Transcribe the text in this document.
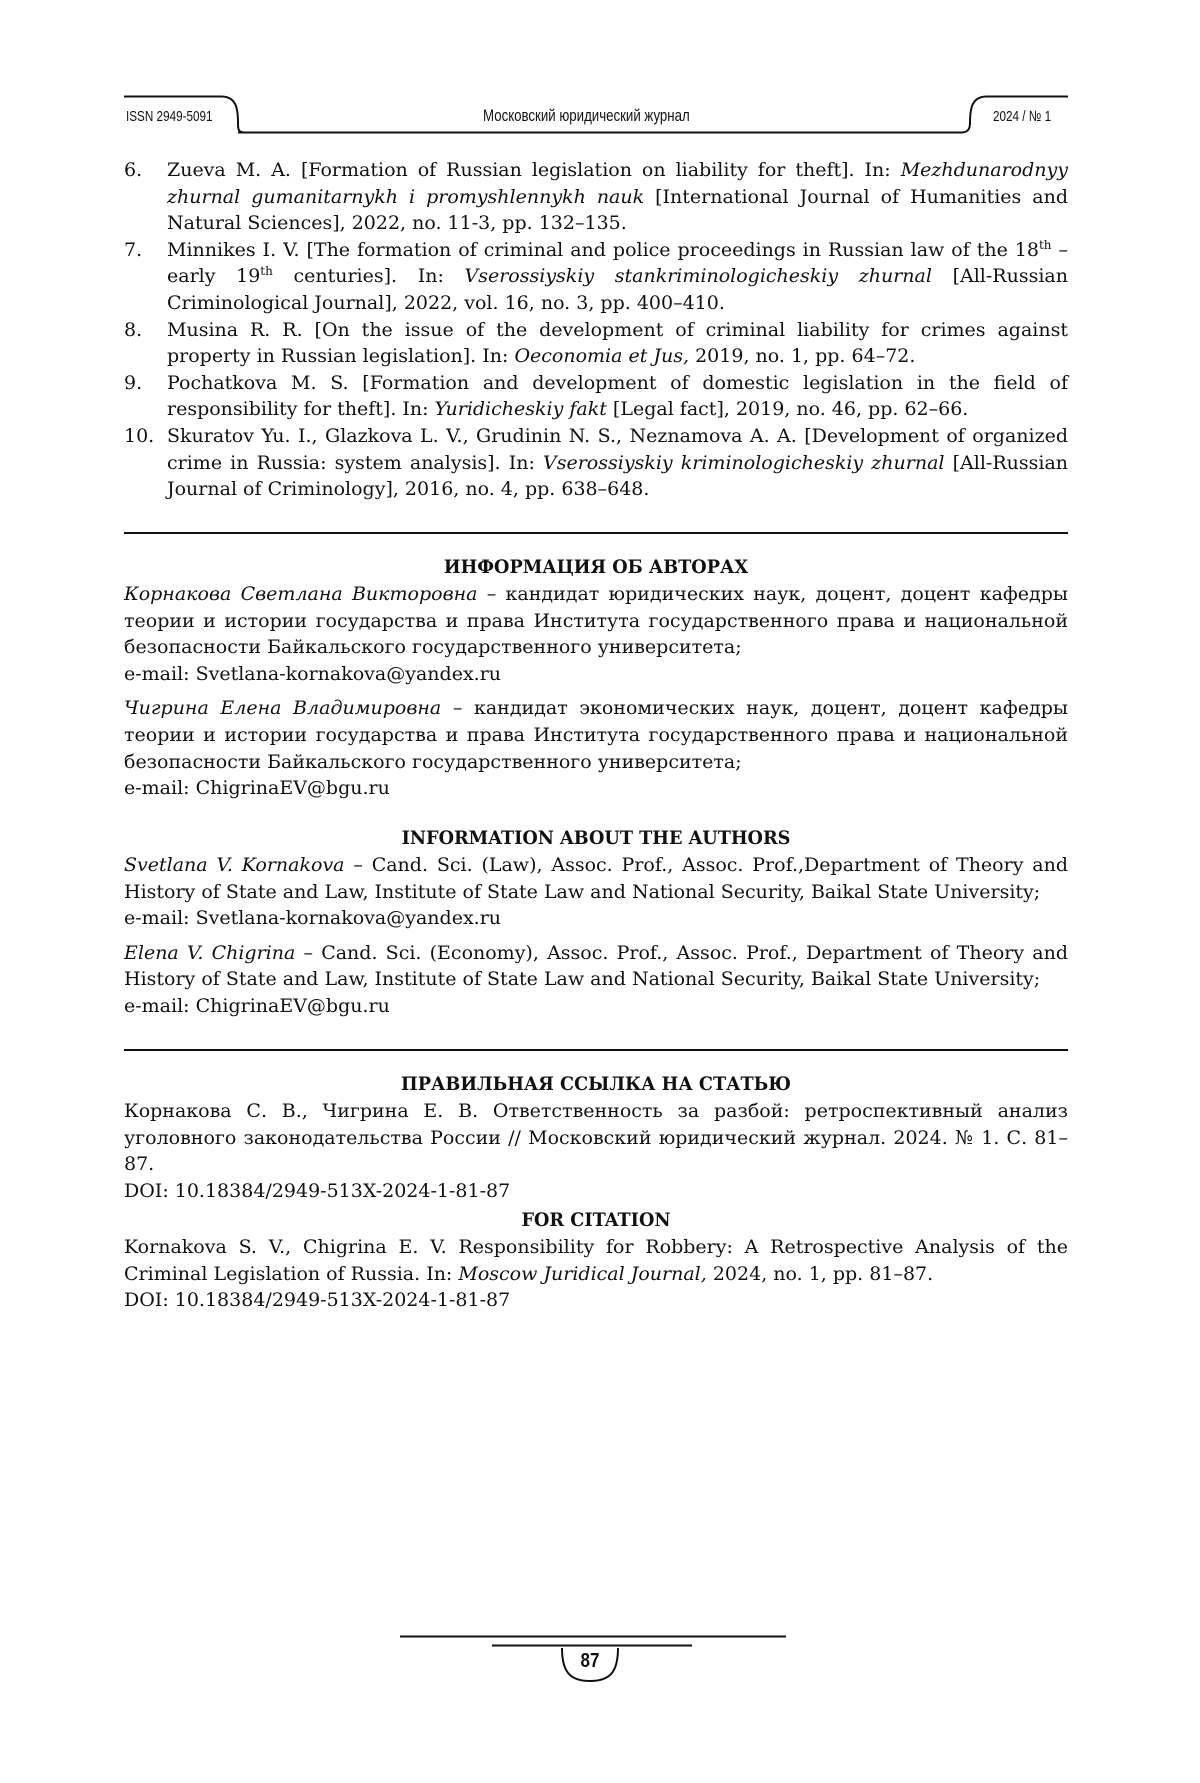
ISSN 2949-5091	Московский юридический журнал	2024 / № 1
6.	Zueva M. A. [Formation of Russian legislation on liability for theft]. In: Mezhdunarodnyy zhurnal gumanitarnykh i promyshlennykh nauk [International Journal of Humanities and Natural Sciences], 2022, no. 11-3, pp. 132–135.
7.	Minnikes I. V. [The formation of criminal and police proceedings in Russian law of the 18th – early 19th centuries]. In: Vserossiyskiy stankriminologicheskiy zhurnal [All-Russian Criminological Journal], 2022, vol. 16, no. 3, pp. 400–410.
8.	Musina R. R. [On the issue of the development of criminal liability for crimes against property in Russian legislation]. In: Oeconomia et Jus, 2019, no. 1, pp. 64–72.
9.	Pochatkova M. S. [Formation and development of domestic legislation in the field of responsibility for theft]. In: Yuridicheskiy fakt [Legal fact], 2019, no. 46, pp. 62–66.
10. Skuratov Yu. I., Glazkova L. V., Grudinin N. S., Neznamova A. A. [Development of organized crime in Russia: system analysis]. In: Vserossiyskiy kriminologicheskiy zhurnal [All-Russian Journal of Criminology], 2016, no. 4, pp. 638–648.
ИНФОРМАЦИЯ ОБ АВТОРАХ

Корнакова Светлана Викторовна – кандидат юридических наук, доцент, доцент кафедры теории и истории государства и права Института государственного права и национальной безопасности Байкальского государственного университета;

e-mail: Svetlana-kornakova@yandex.ru

Чигрина Елена Владимировна – кандидат экономических наук, доцент, доцент кафедры теории и истории государства и права Института государственного права и национальной безопасности Байкальского государственного университета;

e-mail: ChigrinaEV@bgu.ru

INFORMATION ABOUT THE AUTHORS

Svetlana V. Kornakova – Cand. Sci. (Law), Assoc. Prof., Assoc. Prof.,Department of Theory and History of State and Law, Institute of State Law and National Security, Baikal State University;

e-mail: Svetlana-kornakova@yandex.ru

Elena V. Chigrina – Cand. Sci. (Economy), Assoc. Prof., Assoc. Prof., Department of Theory and History of State and Law, Institute of State Law and National Security, Baikal State University;

e-mail: ChigrinaEV@bgu.ru

ПРАВИЛЬНАЯ ССЫЛКА НА СТАТЬЮ

Корнакова С. В., Чигрина Е. В. Ответственность за разбой: ретроспективный анализ уголовного законодательства России // Московский юридический журнал. 2024. № 1. С. 81–87.

DOI: 10.18384/2949-513X-2024-1-81-87

FOR CITATION

Kornakova S. V., Chigrina E. V. Responsibility for Robbery: A Retrospective Analysis of the Criminal Legislation of Russia. In: Moscow Juridical Journal, 2024, no. 1, pp. 81–87.

DOI: 10.18384/2949-513X-2024-1-81-87

87
